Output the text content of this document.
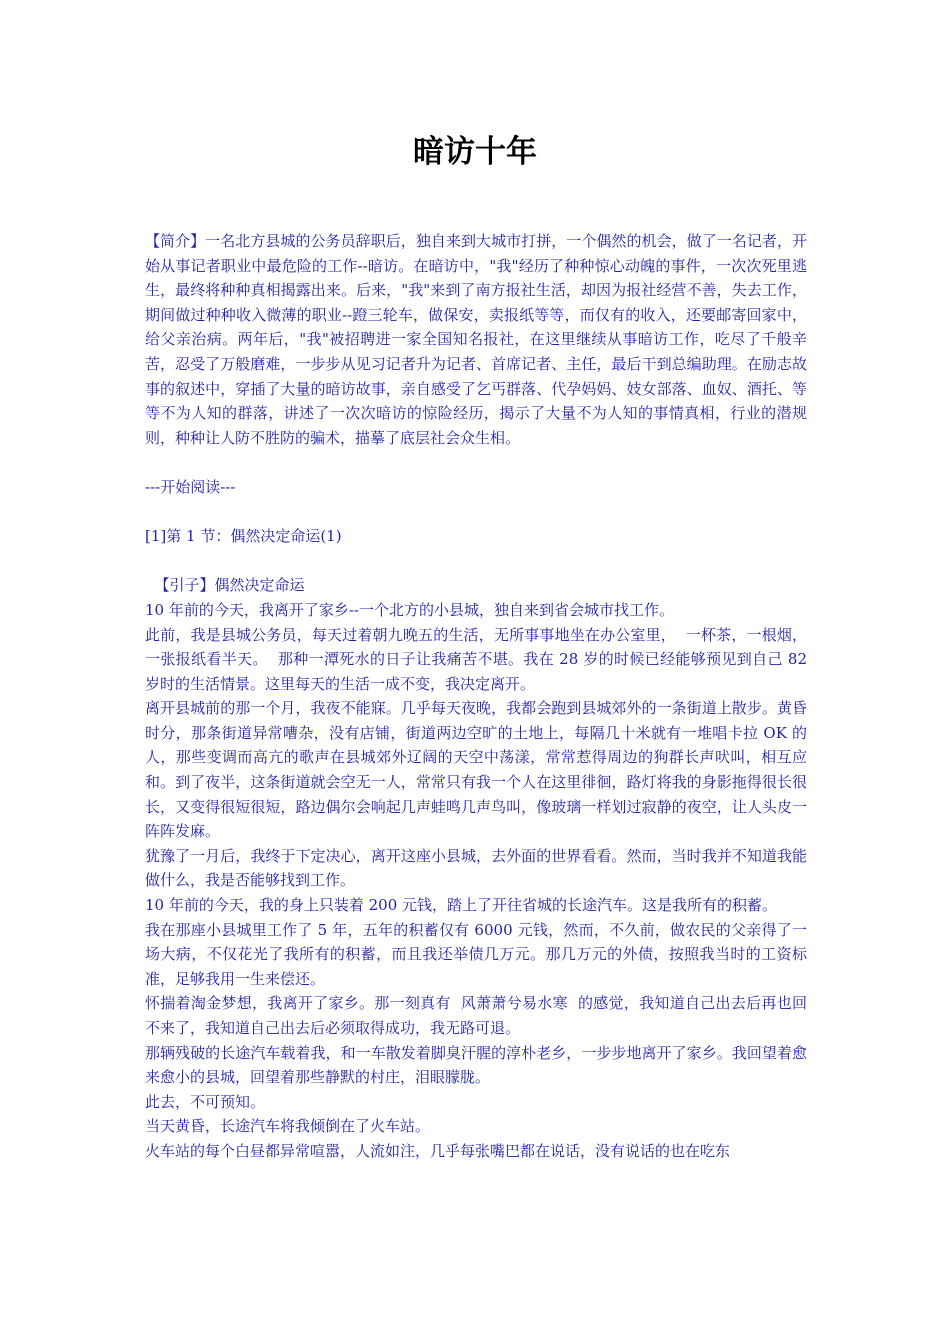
暗访十年

【简介】一名北方县城的公务员辞职后，独自来到大城市打拼，一个偶然的机会，做了一名记者，开始从事记者职业中最危险的工作--暗访。在暗访中，"我"经历了种种惊心动魄的事件，一次次死里逃生，最终将种种真相揭露出来。后来，"我"来到了南方报社生活，却因为报社经营不善，失去工作，期间做过种种收入微薄的职业--蹬三轮车，做保安，卖报纸等等，而仅有的收入，还要邮寄回家中，给父亲治病。两年后，"我"被招聘进一家全国知名报社，在这里继续从事暗访工作，吃尽了千般辛苦，忍受了万般磨难，一步步从见习记者升为记者、首席记者、主任，最后干到总编助理。在励志故事的叙述中，穿插了大量的暗访故事，亲自感受了乞丐群落、代孕妈妈、妓女部落、血奴、酒托、等等不为人知的群落，讲述了一次次暗访的惊险经历，揭示了大量不为人知的事情真相，行业的潜规则，种种让人防不胜防的骗术，描摹了底层社会众生相。

---开始阅读---

[1]第 1 节：偶然决定命运(1)

【引子】偶然决定命运

10 年前的今天，我离开了家乡--一个北方的小县城，独自来到省会城市找工作。

此前，我是县城公务员，每天过着朝九晚五的生活，无所事事地坐在办公室里，  一杯茶，一根烟，一张报纸看半天。  那种一潭死水的日子让我痛苦不堪。我在 28 岁的时候已经能够预见到自己 82 岁时的生活情景。这里每天的生活一成不变，我决定离开。

离开县城前的那一个月，我夜不能寐。几乎每天夜晚，我都会跑到县城郊外的一条街道上散步。黄昏时分，那条街道异常嘈杂，没有店铺，街道两边空旷的土地上，每隔几十米就有一堆唱卡拉 OK 的人，那些变调而高亢的歌声在县城郊外辽阔的天空中荡漾，常常惹得周边的狗群长声吠叫，相互应和。到了夜半，这条街道就会空无一人，常常只有我一个人在这里徘徊，路灯将我的身影拖得很长很长，又变得很短很短，路边偶尔会响起几声蛙鸣几声鸟叫，像玻璃一样划过寂静的夜空，让人头皮一阵阵发麻。

犹豫了一月后，我终于下定决心，离开这座小县城，去外面的世界看看。然而，当时我并不知道我能做什么，我是否能够找到工作。

10 年前的今天，我的身上只装着 200 元钱，踏上了开往省城的长途汽车。这是我所有的积蓄。

我在那座小县城里工作了 5 年，五年的积蓄仅有 6000 元钱，然而，不久前，做农民的父亲得了一场大病，不仅花光了我所有的积蓄，而且我还举债几万元。那几万元的外债，按照我当时的工资标准，足够我用一生来偿还。

怀揣着淘金梦想，我离开了家乡。那一刻真有  风萧萧兮易水寒  的感觉，我知道自己出去后再也回不来了，我知道自己出去后必须取得成功，我无路可退。

那辆残破的长途汽车载着我，和一车散发着脚臭汗腥的淳朴老乡，一步步地离开了家乡。我回望着愈来愈小的县城，回望着那些静默的村庄，泪眼朦胧。

此去，不可预知。

当天黄昏，长途汽车将我倾倒在了火车站。

火车站的每个白昼都异常喧嚣，人流如注，几乎每张嘴巴都在说话，没有说话的也在吃东
